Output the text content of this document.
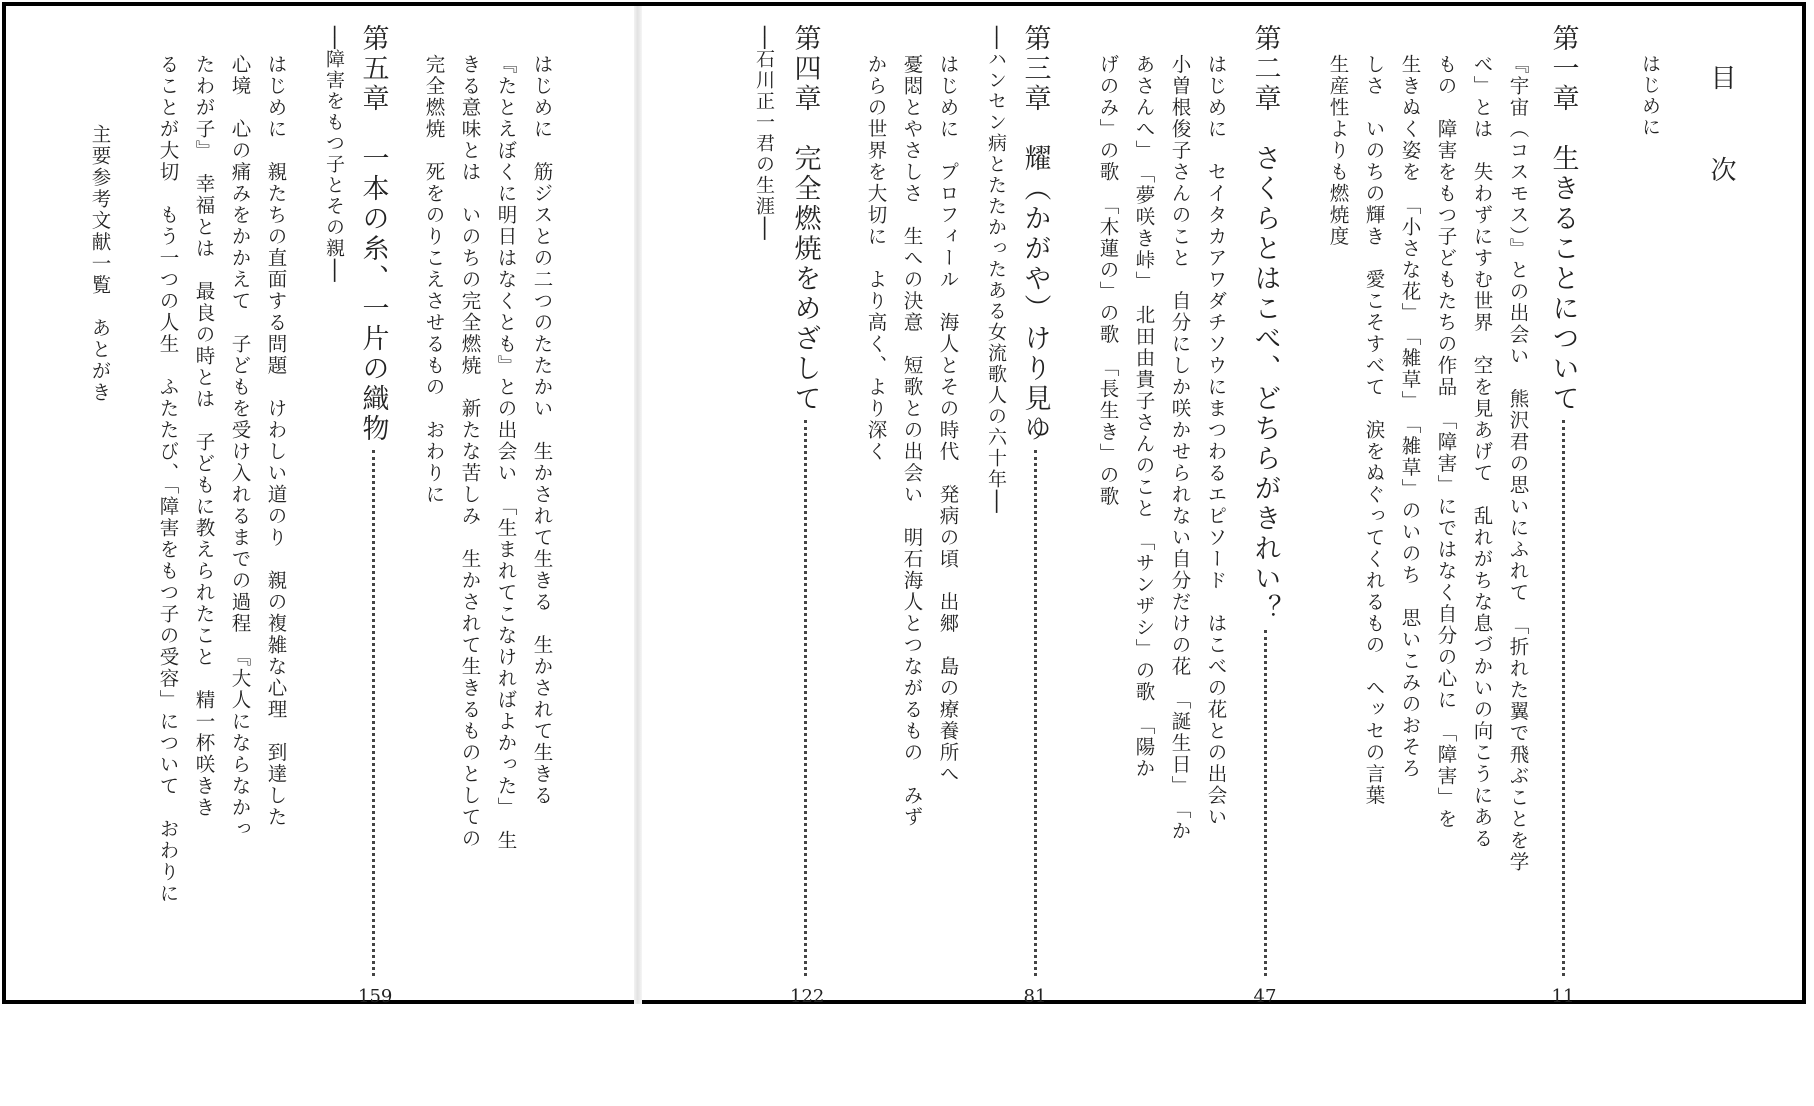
目　次
はじめに
第一章
生きることについて
11
『宇宙（コスモス）』との出会い　熊沢君の思いにふれて　「折れた翼で飛ぶことを学
べ」とは　失わずにすむ世界　空を見あげて　乱れがちな息づかいの向こうにある
もの　障害をもつ子どもたちの作品　「障害」にではなく自分の心に　「障害」を
生きぬく姿を　「小さな花」　「雑草」　「雑草」のいのち　思いこみのおそろ
しさ　いのちの輝き　愛こそすべて　涙をぬぐってくれるもの　ヘッセの言葉
生産性よりも燃焼度
第二章
さくらとはこべ、どちらがきれい？
47
はじめに　セイタカアワダチソウにまつわるエピソード　はこべの花との出会い
小曽根俊子さんのこと　自分にしか咲かせられない自分だけの花　「誕生日」　「か
あさんへ」　「夢咲き峠」　北田由貴子さんのこと　「サンザシ」の歌　「陽か
げのみ」の歌　「木蓮の」の歌　「長生き」の歌
第三章
耀（かがや）けり見ゆ
81
──ハンセン病とたたかったある女流歌人の六十年──
はじめに　プロフィール　海人とその時代　発病の頃　出郷　島の療養所へ
憂悶とやさしさ　生への決意　短歌との出会い　明石海人とつながるもの　みず
からの世界を大切に　より高く、より深く
第四章
完全燃焼をめざして
122
──石川正一君の生涯──
はじめに　筋ジスとの二つのたたかい　生かされて生きる　生かされて生きる
『たとえぼくに明日はなくとも』との出会い　「生まれてこなければよかった」　生
きる意味とは　いのちの完全燃焼　新たな苦しみ　生かされて生きるものとしての
完全燃焼　死をのりこえさせるもの　おわりに
第五章
一本の糸、一片の織物
159
──障害をもつ子とその親──
はじめに　親たちの直面する問題　けわしい道のり　親の複雑な心理　到達した
心境　心の痛みをかかえて　子どもを受け入れるまでの過程　『大人にならなかっ
たわが子』　幸福とは　最良の時とは　子どもに教えられたこと　精一杯咲きき
ることが大切　もう一つの人生　ふたたび、「障害をもつ子の受容」について　おわりに
主要参考文献一覧　あとがき
